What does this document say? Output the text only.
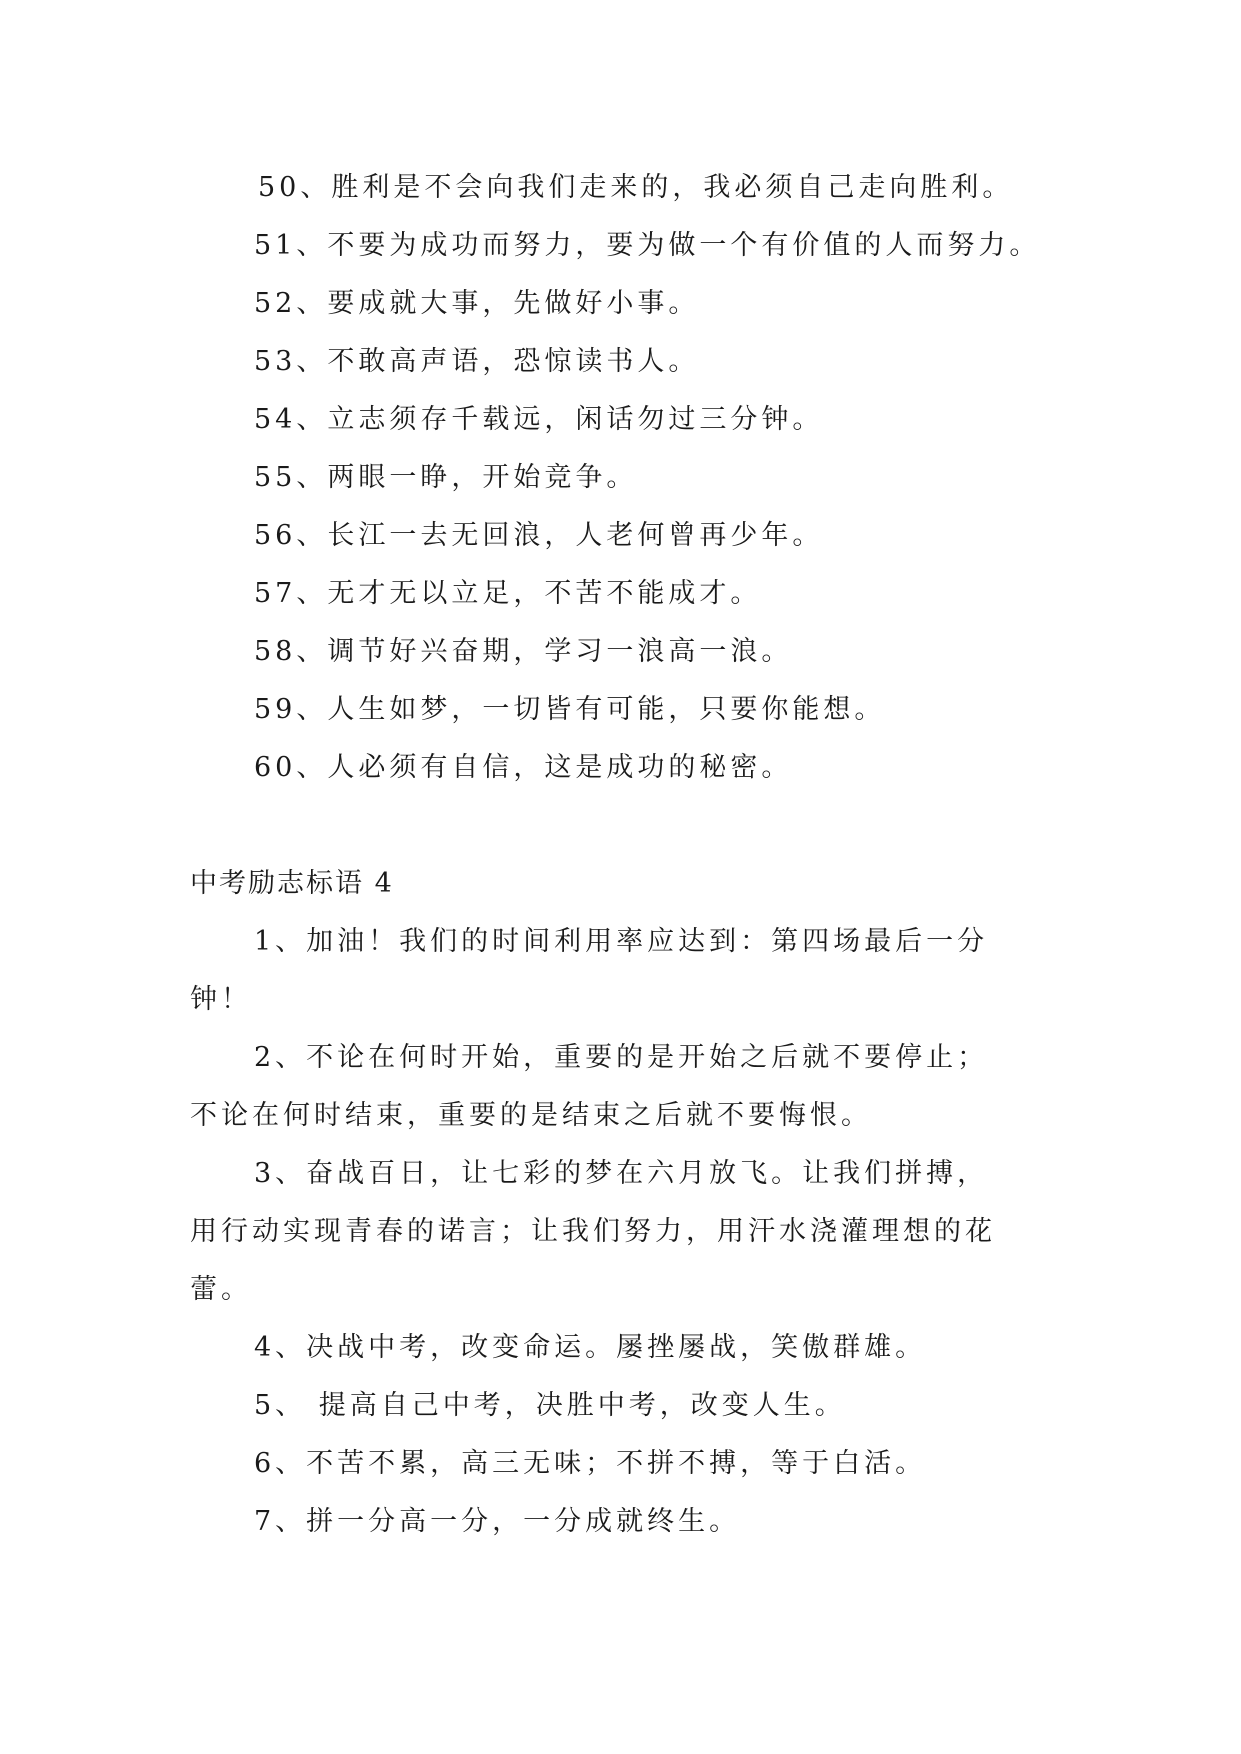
50、胜利是不会向我们走来的，我必须自己走向胜利。
51、不要为成功而努力，要为做一个有价值的人而努力。
52、要成就大事，先做好小事。
53、不敢高声语，恐惊读书人。
54、立志须存千载远，闲话勿过三分钟。
55、两眼一睁，开始竞争。
56、长江一去无回浪，人老何曾再少年。
57、无才无以立足，不苦不能成才。
58、调节好兴奋期，学习一浪高一浪。
59、人生如梦，一切皆有可能，只要你能想。
60、人必须有自信，这是成功的秘密。
中考励志标语 4
1、加油！我们的时间利用率应达到：第四场最后一分
钟！
2、不论在何时开始，重要的是开始之后就不要停止；
不论在何时结束，重要的是结束之后就不要悔恨。
3、奋战百日，让七彩的梦在六月放飞。让我们拼搏，
用行动实现青春的诺言；让我们努力，用汗水浇灌理想的花
蕾。
4、决战中考，改变命运。屡挫屡战，笑傲群雄。
5、 提高自己中考，决胜中考，改变人生。
6、不苦不累，高三无味；不拼不搏，等于白活。
7、拼一分高一分，一分成就终生。
